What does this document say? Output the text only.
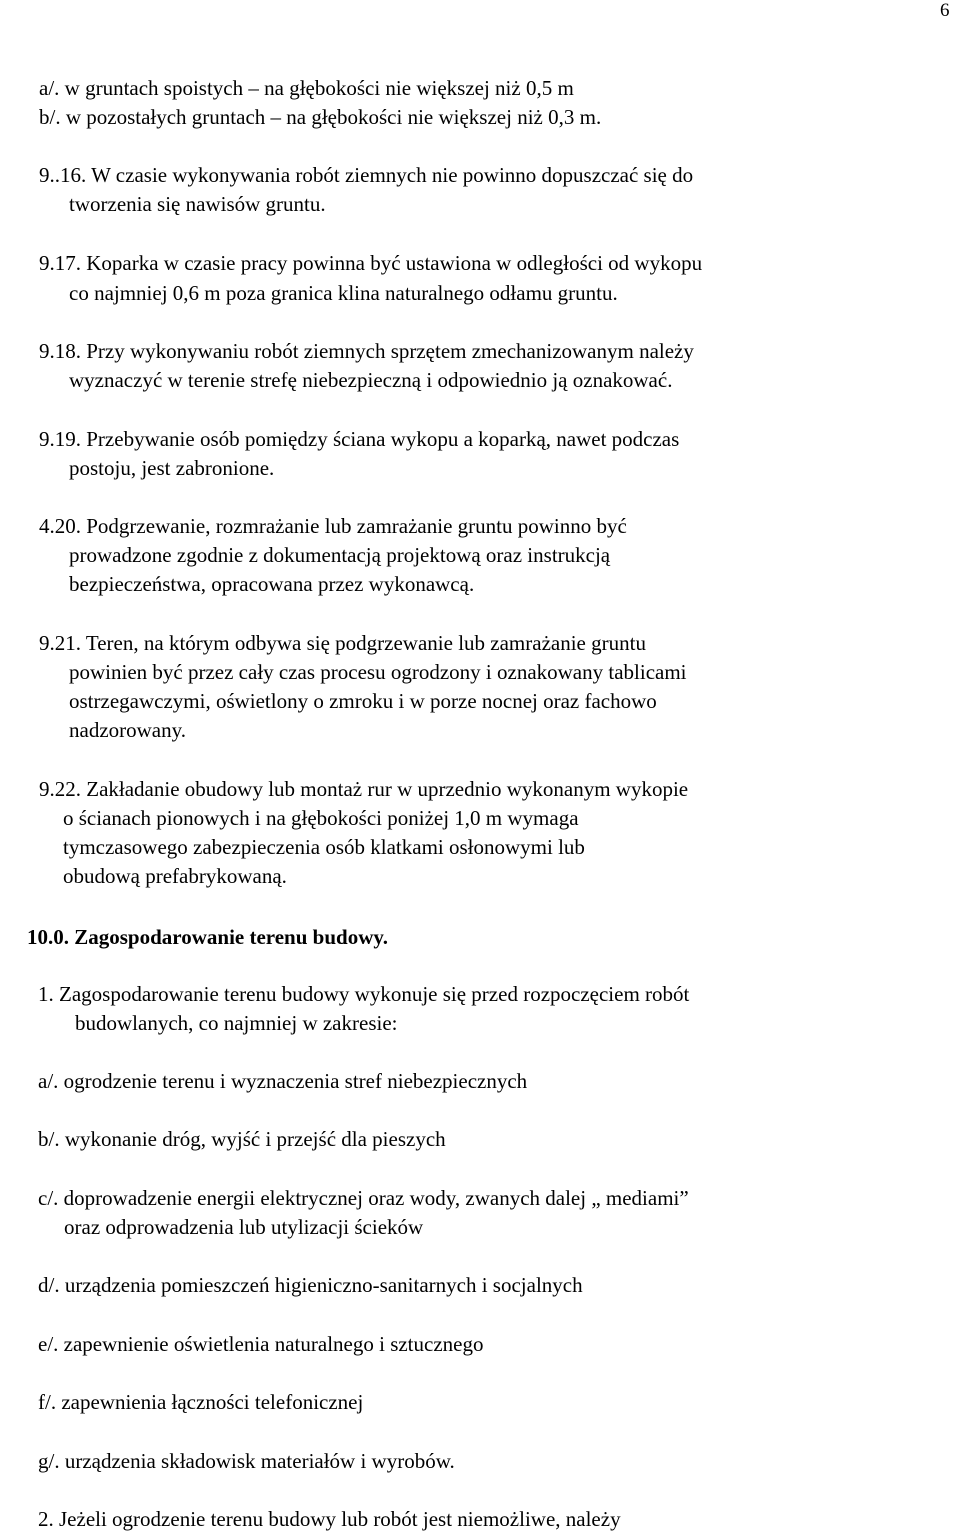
6
a/. w gruntach spoistych – na głębokości nie większej niż 0,5 m
b/. w pozostałych gruntach – na głębokości nie większej niż 0,3 m.
9..16. W czasie wykonywania robót ziemnych nie powinno dopuszczać się do
tworzenia się nawisów gruntu.
9.17. Koparka w czasie pracy powinna być ustawiona w odległości od wykopu
co najmniej 0,6 m poza granica klina naturalnego odłamu gruntu.
9.18. Przy wykonywaniu robót ziemnych sprzętem zmechanizowanym należy
wyznaczyć w terenie strefę niebezpieczną i odpowiednio ją oznakować.
9.19. Przebywanie osób pomiędzy ściana wykopu a koparką, nawet podczas
postoju, jest zabronione.
4.20. Podgrzewanie, rozmrażanie lub zamrażanie gruntu powinno być
prowadzone zgodnie z dokumentacją projektową oraz instrukcją
bezpieczeństwa, opracowana przez wykonawcą.
9.21. Teren, na którym odbywa się podgrzewanie lub zamrażanie gruntu
powinien być przez cały czas procesu ogrodzony i oznakowany tablicami
ostrzegawczymi, oświetlony o zmroku i w porze nocnej oraz fachowo
nadzorowany.
9.22. Zakładanie obudowy lub montaż rur w uprzednio wykonanym wykopie
o ścianach pionowych i na głębokości poniżej 1,0 m wymaga
tymczasowego zabezpieczenia osób klatkami osłonowymi lub
obudową prefabrykowaną.
10.0. Zagospodarowanie terenu budowy.
1. Zagospodarowanie terenu budowy wykonuje się przed rozpoczęciem robót
budowlanych, co najmniej w zakresie:
a/. ogrodzenie terenu i wyznaczenia stref niebezpiecznych
b/. wykonanie dróg, wyjść i przejść dla pieszych
c/. doprowadzenie energii elektrycznej oraz wody, zwanych dalej „ mediami”
oraz odprowadzenia lub utylizacji ścieków
d/. urządzenia pomieszczeń higieniczno-sanitarnych i socjalnych
e/. zapewnienie oświetlenia naturalnego i sztucznego
f/. zapewnienia łączności telefonicznej
g/. urządzenia składowisk materiałów i wyrobów.
2. Jeżeli ogrodzenie terenu budowy lub robót jest niemożliwe, należy
